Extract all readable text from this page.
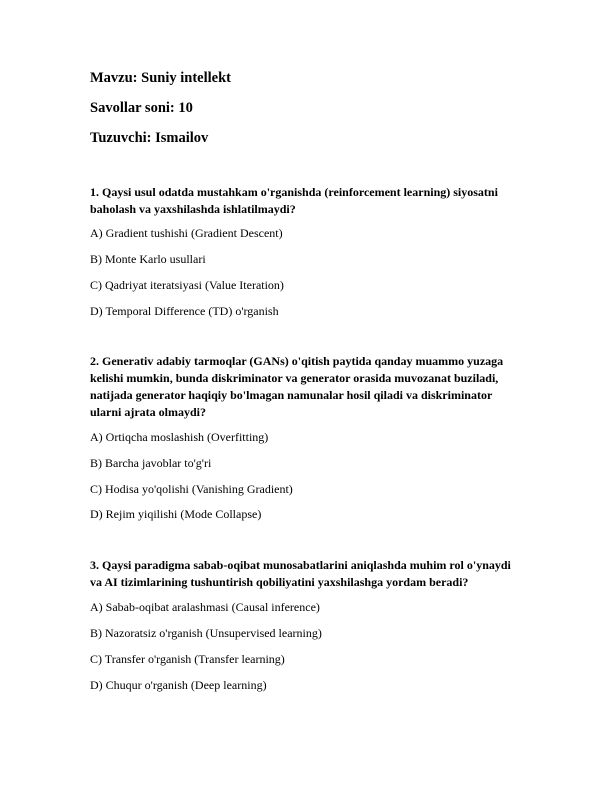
Mavzu: Suniy intellekt
Savollar soni: 10
Tuzuvchi: Ismailov
1. Qaysi usul odatda mustahkam o'rganishda (reinforcement learning) siyosatni baholash va yaxshilashda ishlatilmaydi?
A) Gradient tushishi (Gradient Descent)
B) Monte Karlo usullari
C) Qadriyat iteratsiyasi (Value Iteration)
D) Temporal Difference (TD) o'rganish
2. Generativ adabiy tarmoqlar (GANs) o'qitish paytida qanday muammo yuzaga kelishi mumkin, bunda diskriminator va generator orasida muvozanat buziladi, natijada generator haqiqiy bo'lmagan namunalar hosil qiladi va diskriminator ularni ajrata olmaydi?
A) Ortiqcha moslashish (Overfitting)
B) Barcha javoblar to'g'ri
C) Hodisa yo'qolishi (Vanishing Gradient)
D) Rejim yiqilishi (Mode Collapse)
3. Qaysi paradigma sabab-oqibat munosabatlarini aniqlashda muhim rol o'ynaydi va AI tizimlarining tushuntirish qobiliyatini yaxshilashga yordam beradi?
A) Sabab-oqibat aralashmasi (Causal inference)
B) Nazoratsiz o'rganish (Unsupervised learning)
C) Transfer o'rganish (Transfer learning)
D) Chuqur o'rganish (Deep learning)
